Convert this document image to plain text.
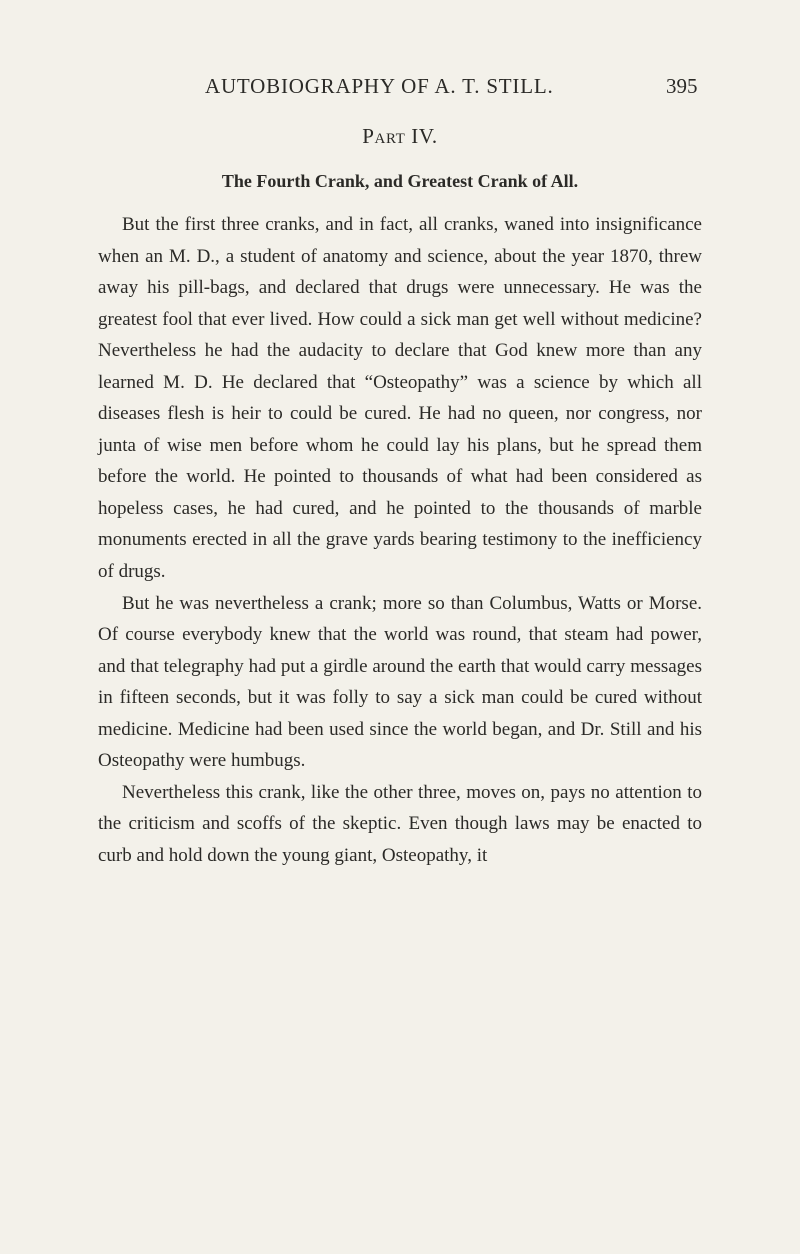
AUTOBIOGRAPHY OF A. T. STILL.	395
Part IV.
The Fourth Crank, and Greatest Crank of All.

But the first three cranks, and in fact, all cranks, waned into insignificance when an M. D., a student of anatomy and science, about the year 1870, threw away his pill-bags, and declared that drugs were unnecessary. He was the greatest fool that ever lived. How could a sick man get well without medicine? Nevertheless he had the audacity to declare that God knew more than any learned M. D. He declared that “Osteopathy” was a science by which all diseases flesh is heir to could be cured. He had no queen, nor congress, nor junta of wise men before whom he could lay his plans, but he spread them before the world. He pointed to thousands of what had been considered as hopeless cases, he had cured, and he pointed to the thousands of marble monuments erected in all the grave yards bearing testimony to the inefficiency of drugs.

But he was nevertheless a crank; more so than Columbus, Watts or Morse. Of course everybody knew that the world was round, that steam had power, and that telegraphy had put a girdle around the earth that would carry messages in fifteen seconds, but it was folly to say a sick man could be cured without medicine. Medicine had been used since the world began, and Dr. Still and his Osteopathy were humbugs.

Nevertheless this crank, like the other three, moves on, pays no attention to the criticism and scoffs of the skeptic. Even though laws may be enacted to curb and hold down the young giant, Osteopathy, it
